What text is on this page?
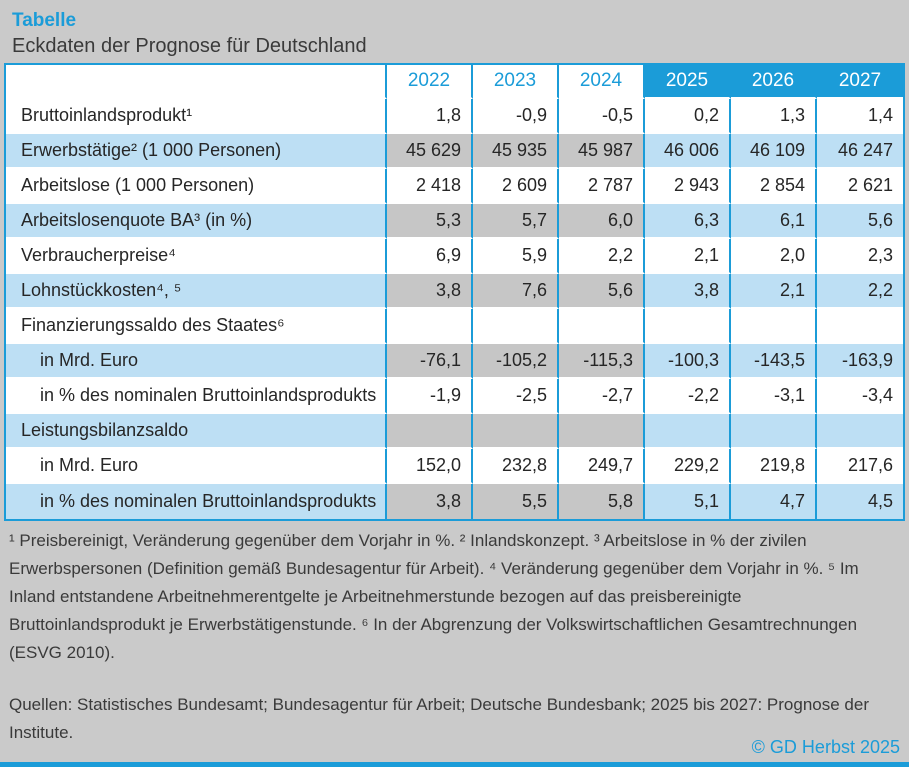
Tabelle
Eckdaten der Prognose für Deutschland
	2022	2023	2024	2025	2026	2027
Bruttoinlandsprodukt¹	1,8	-0,9	-0,5	0,2	1,3	1,4
Erwerbstätige² (1 000 Personen)	45 629	45 935	45 987	46 006	46 109	46 247
Arbeitslose (1 000 Personen)	2 418	2 609	2 787	2 943	2 854	2 621
Arbeitslosenquote BA³ (in %)	5,3	5,7	6,0	6,3	6,1	5,6
Verbraucherpreise⁴	6,9	5,9	2,2	2,1	2,0	2,3
Lohnstückkosten⁴, ⁵	3,8	7,6	5,6	3,8	2,1	2,2
Finanzierungssaldo des Staates⁶						
in Mrd. Euro	-76,1	-105,2	-115,3	-100,3	-143,5	-163,9
in % des nominalen Bruttoinlandsprodukts	-1,9	-2,5	-2,7	-2,2	-3,1	-3,4
Leistungsbilanzsaldo						
in Mrd. Euro	152,0	232,8	249,7	229,2	219,8	217,6
in % des nominalen Bruttoinlandsprodukts	3,8	5,5	5,8	5,1	4,7	4,5
¹ Preisbereinigt, Veränderung gegenüber dem Vorjahr in %. ² Inlandskonzept. ³ Arbeitslose in % der zivilen Erwerbspersonen (Definition gemäß Bundesagentur für Arbeit). ⁴ Veränderung gegenüber dem Vorjahr in %. ⁵ Im Inland entstandene Arbeitnehmerentgelte je Arbeitnehmerstunde bezogen auf das preisbereinigte Bruttoinlandsprodukt je Erwerbstätigenstunde. ⁶ In der Abgrenzung der Volkswirtschaftlichen Gesamtrechnungen (ESVG 2010).
Quellen: Statistisches Bundesamt; Bundesagentur für Arbeit; Deutsche Bundesbank; 2025 bis 2027: Prognose der Institute.
© GD Herbst 2025
